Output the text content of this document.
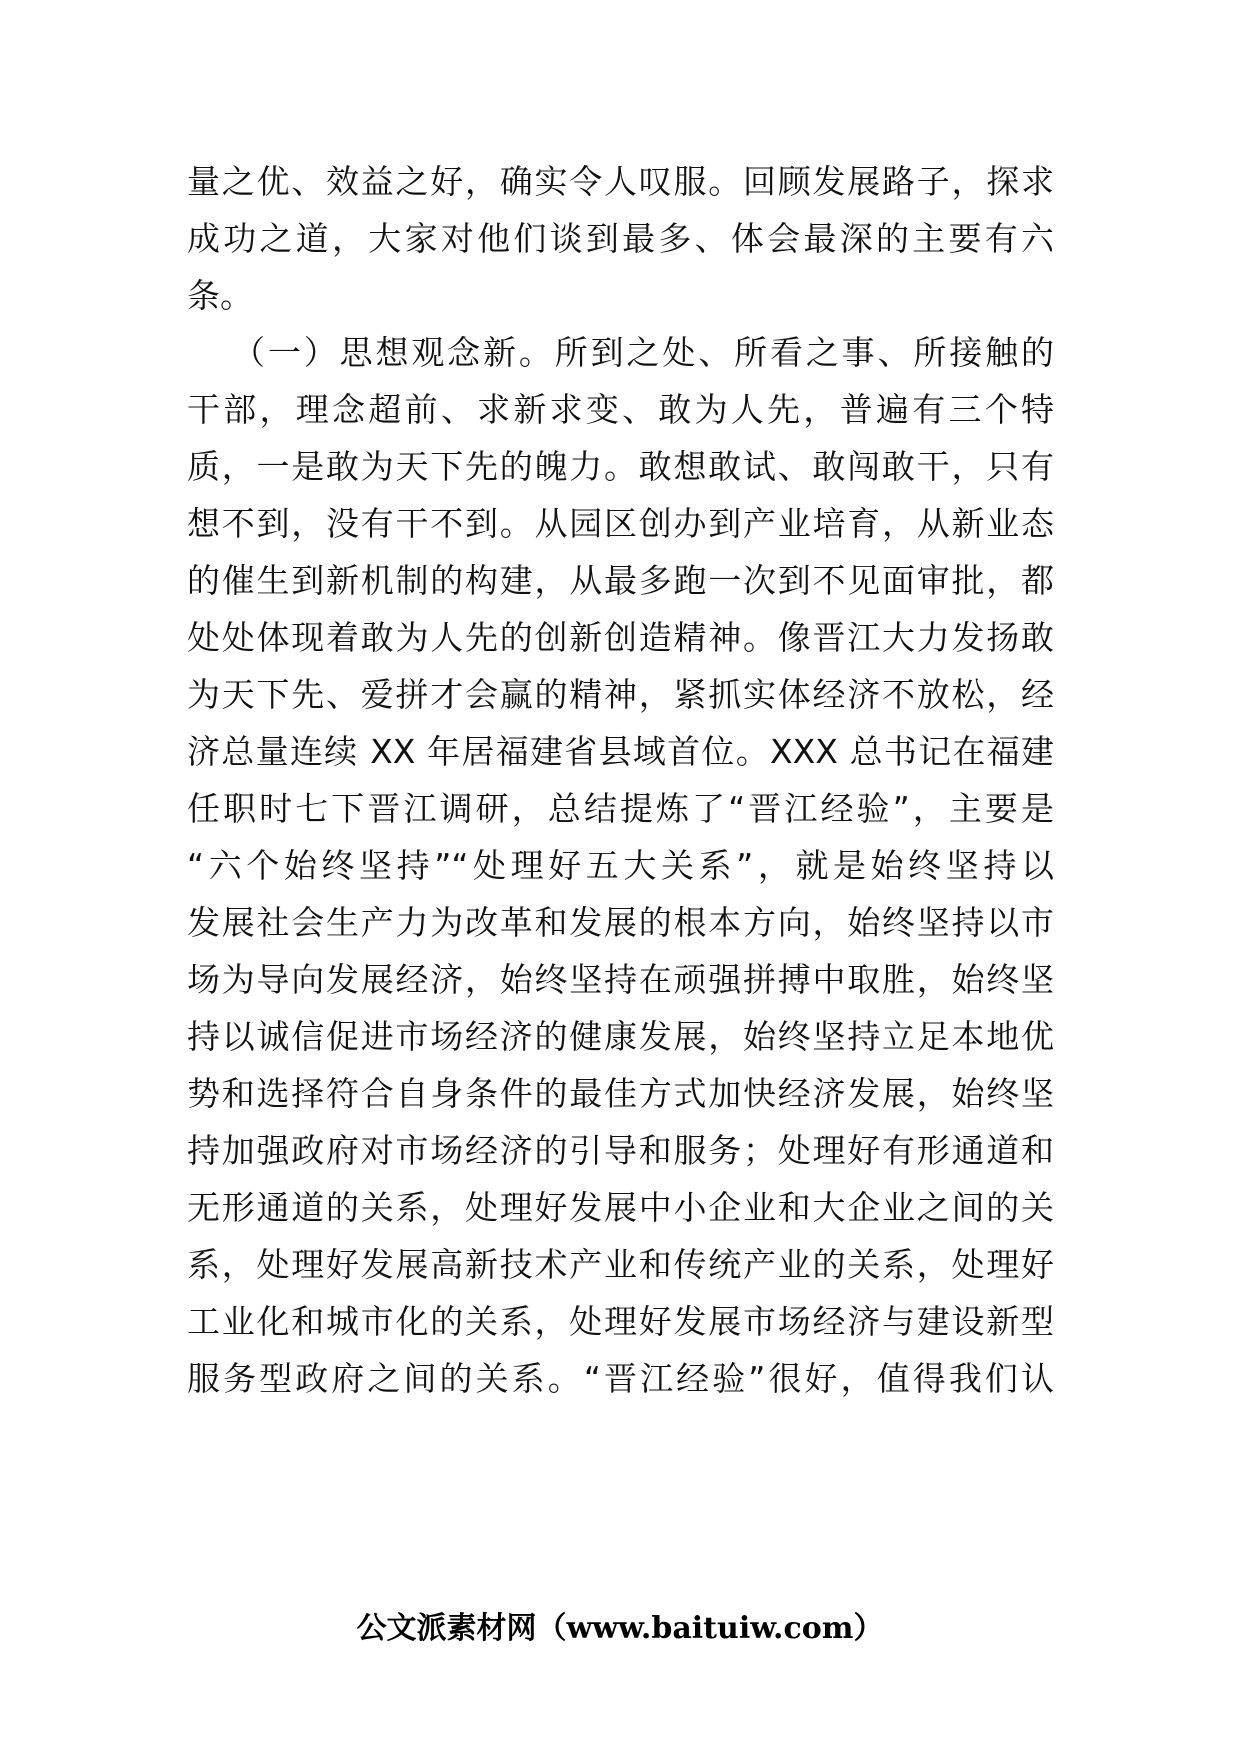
量之优、效益之好，确实令人叹服。回顾发展路子，探求
成功之道，大家对他们谈到最多、体会最深的主要有六
条。
（一）思想观念新。所到之处、所看之事、所接触的
干部，理念超前、求新求变、敢为人先，普遍有三个特
质，一是敢为天下先的魄力。敢想敢试、敢闯敢干，只有
想不到，没有干不到。从园区创办到产业培育，从新业态
的催生到新机制的构建，从最多跑一次到不见面审批，都
处处体现着敢为人先的创新创造精神。像晋江大力发扬敢
为天下先、爱拼才会赢的精神，紧抓实体经济不放松，经
济总量连续 XX 年居福建省县域首位。XXX 总书记在福建
任职时七下晋江调研，总结提炼了“晋江经验”，主要是
“六个始终坚持”“处理好五大关系”，就是始终坚持以
发展社会生产力为改革和发展的根本方向，始终坚持以市
场为导向发展经济，始终坚持在顽强拼搏中取胜，始终坚
持以诚信促进市场经济的健康发展，始终坚持立足本地优
势和选择符合自身条件的最佳方式加快经济发展，始终坚
持加强政府对市场经济的引导和服务；处理好有形通道和
无形通道的关系，处理好发展中小企业和大企业之间的关
系，处理好发展高新技术产业和传统产业的关系，处理好
工业化和城市化的关系，处理好发展市场经济与建设新型
服务型政府之间的关系。“晋江经验”很好，值得我们认
公文派素材网（www.baituiw.com）
